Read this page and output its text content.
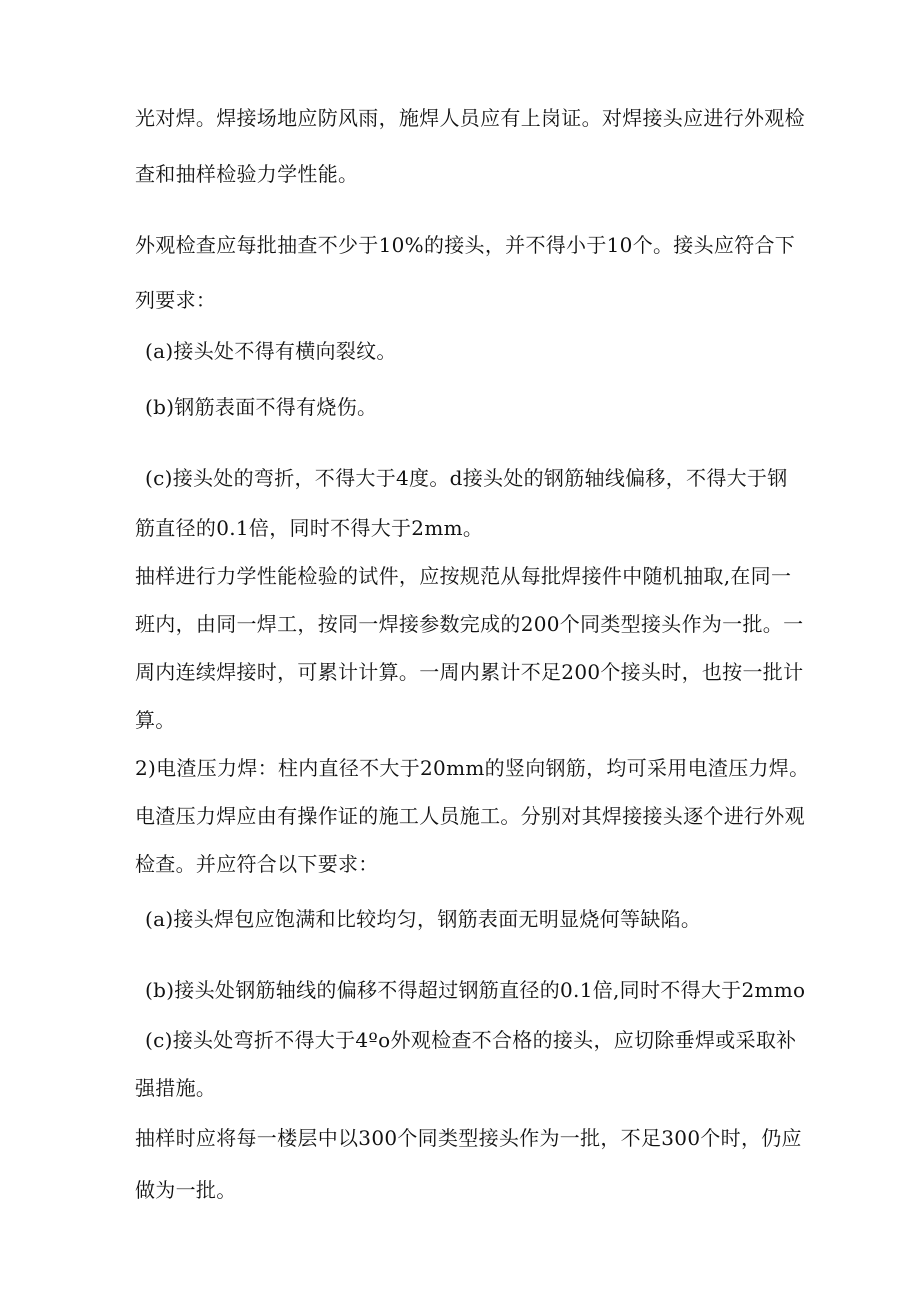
光对焊。焊接场地应防风雨，施焊人员应有上岗证。对焊接头应进行外观检
查和抽样检验力学性能。
外观检查应每批抽查不少于10%的接头，并不得小于10个。接头应符合下
列要求：
(a)接头处不得有横向裂纹。
(b)钢筋表面不得有烧伤。
(c)接头处的弯折，不得大于4度。d接头处的钢筋轴线偏移，不得大于钢
筋直径的0.1倍，同时不得大于2mm。
抽样进行力学性能检验的试件，应按规范从每批焊接件中随机抽取,在同一
班内，由同一焊工，按同一焊接参数完成的200个同类型接头作为一批。一
周内连续焊接时，可累计计算。一周内累计不足200个接头时，也按一批计
算。
2)电渣压力焊：柱内直径不大于20mm的竖向钢筋，均可采用电渣压力焊。
电渣压力焊应由有操作证的施工人员施工。分别对其焊接接头逐个进行外观
检查。并应符合以下要求：
(a)接头焊包应饱满和比较均匀，钢筋表面无明显烧何等缺陷。
(b)接头处钢筋轴线的偏移不得超过钢筋直径的0.1倍,同时不得大于2mmo
(c)接头处弯折不得大于4ºo外观检查不合格的接头，应切除垂焊或采取补
强措施。
抽样时应将每一楼层中以300个同类型接头作为一批，不足300个时，仍应
做为一批。
